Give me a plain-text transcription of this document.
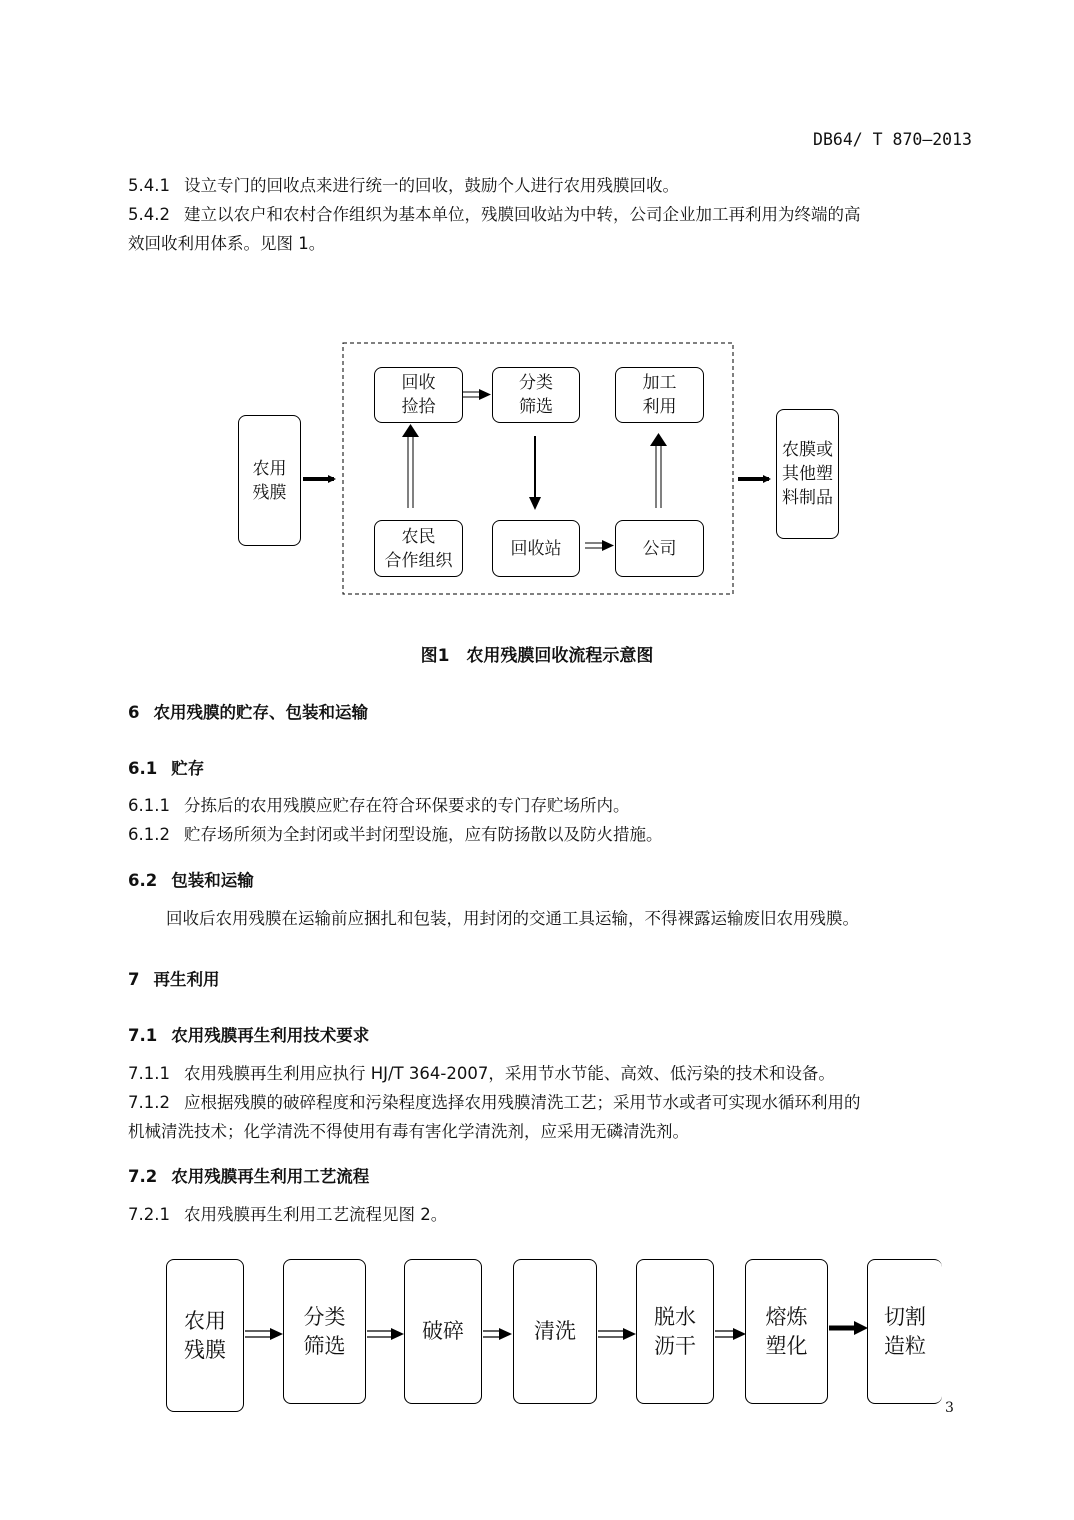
DB64/ T 870—2013
5.4.1 设立专门的回收点来进行统一的回收，鼓励个人进行农用残膜回收。
5.4.2 建立以农户和农村合作组织为基本单位，残膜回收站为中转，公司企业加工再利用为终端的高
效回收利用体系。见图 1。
农用
残膜
回收
捡拾
分类
筛选
加工
利用
农民
合作组织
回收站	公司
农膜或
其他塑
料制品
图1　农用残膜回收流程示意图
6 农用残膜的贮存、包装和运输
6.1 贮存
6.1.1 分拣后的农用残膜应贮存在符合环保要求的专门存贮场所内。
6.1.2 贮存场所须为全封闭或半封闭型设施，应有防扬散以及防火措施。
6.2 包装和运输
回收后农用残膜在运输前应捆扎和包装，用封闭的交通工具运输，不得裸露运输废旧农用残膜。
7 再生利用
7.1 农用残膜再生利用技术要求
7.1.1 农用残膜再生利用应执行 HJ/T 364-2007，采用节水节能、高效、低污染的技术和设备。
7.1.2 应根据残膜的破碎程度和污染程度选择农用残膜清洗工艺；采用节水或者可实现水循环利用的
机械清洗技术；化学清洗不得使用有毒有害化学清洗剂，应采用无磷清洗剂。
7.2 农用残膜再生利用工艺流程
7.2.1 农用残膜再生利用工艺流程见图 2。
农用
残膜
分类
筛选
破碎	清洗
脱水
沥干
熔炼
塑化
切割
造粒
3
